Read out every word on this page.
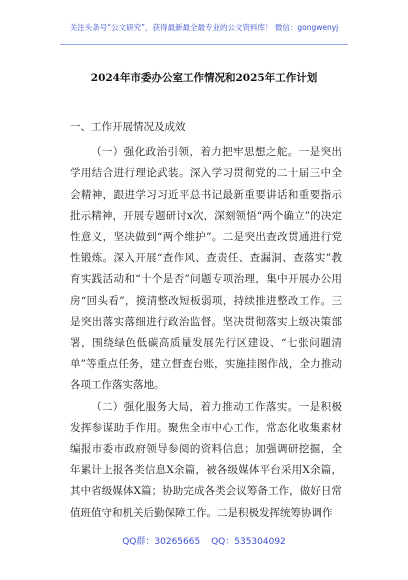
关注头条号“公文研究”，获得最新最全最专业的公文资料库！ 微信：gongwenyj
2024年市委办公室工作情况和2025年工作计划

一、工作开展情况及成效

（一）强化政治引领，着力把牢思想之舵。一是突出学用结合进行理论武装。深入学习贯彻党的二十届三中全会精神，跟进学习习近平总书记最新重要讲话和重要指示批示精神，开展专题研讨x次，深刻领悟“两个确立”的决定性意义，坚决做到“两个维护”。二是突出查改贯通进行党性锻炼。深入开展“查作风、查责任、查漏洞、查落实”教育实践活动和“十个是否”问题专项治理，集中开展办公用房“回头看”，摸清整改短板弱项，持续推进整改工作。三是突出落实落细进行政治监督。坚决贯彻落实上级决策部署，围绕绿色低碳高质量发展先行区建设、“七张问题清单”等重点任务，建立督查台账，实施挂图作战，全力推动各项工作落实落地。

（二）强化服务大局，着力推动工作落实。一是积极发挥参谋助手作用。聚焦全市中心工作，常态化收集素材编报市委市政府领导参阅的资料信息；加强调研挖掘，全年累计上报各类信息X余篇，被各级媒体平台采用X余篇，其中省级媒体X篇；协助完成各类会议筹备工作，做好日常值班值守和机关后勤保障工作。二是积极发挥统筹协调作

QQ群：30265665 QQ：535304092
